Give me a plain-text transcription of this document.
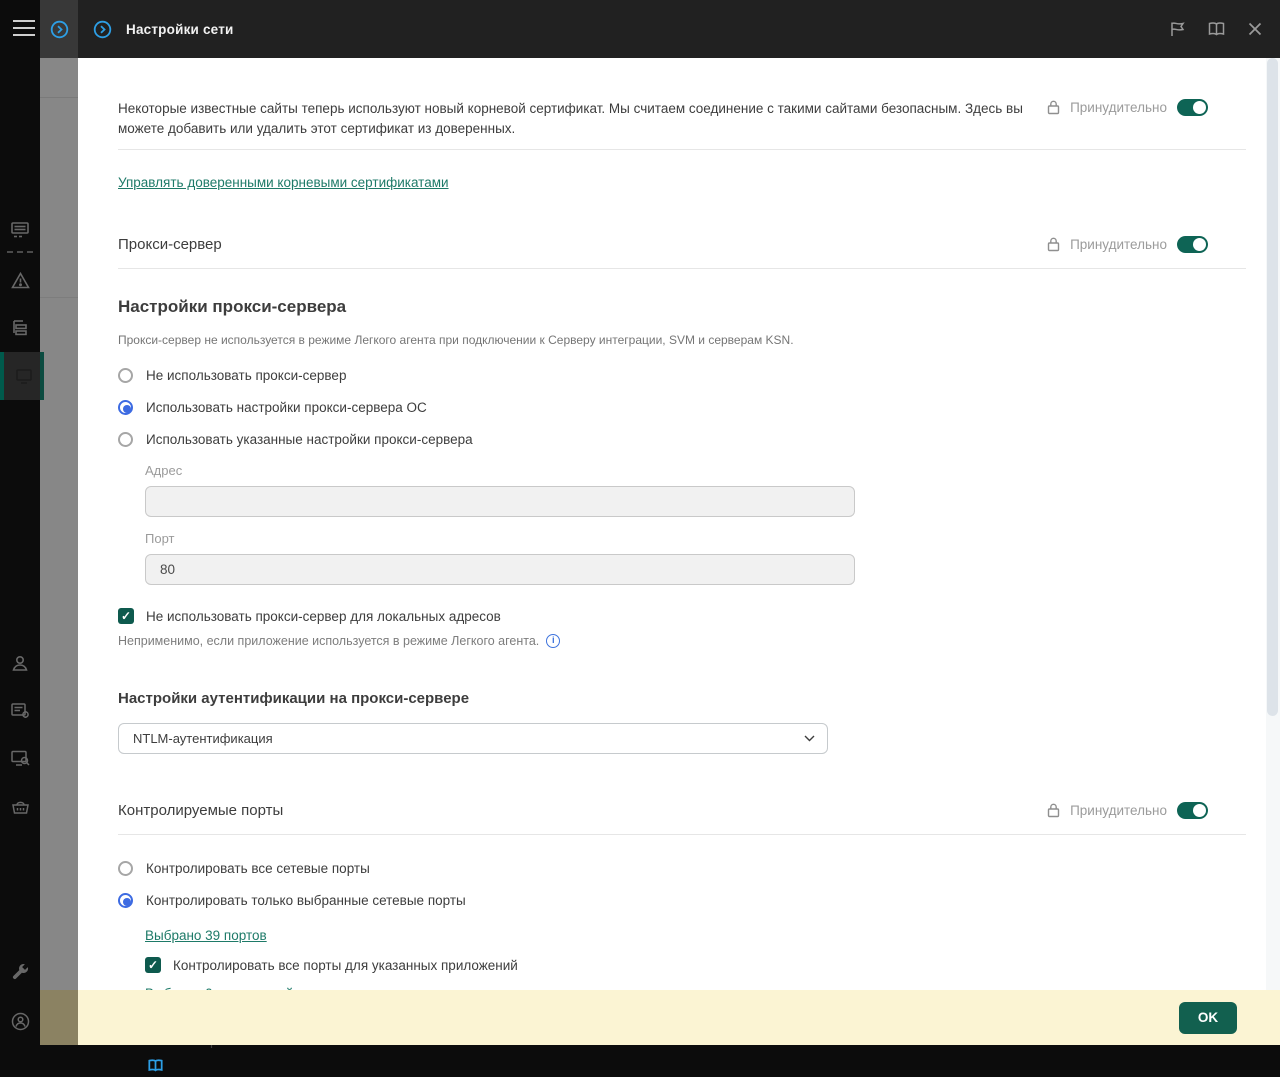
Настройки сети

Некоторые известные сайты теперь используют новый корневой сертификат. Мы считаем соединение с такими сайтами безопасным. Здесь вы можете добавить или удалить этот сертификат из доверенных.

Принудительно
Управлять доверенными корневыми сертификатами
Прокси-сервер	Принудительно
Настройки прокси-сервера

Прокси-сервер не используется в режиме Легкого агента при подключении к Серверу интеграции, SVM и серверам KSN.

Не использовать прокси-сервер
Использовать настройки прокси-сервера ОС
Использовать указанные настройки прокси-сервера
Адрес
Порт
80
✓ Не использовать прокси-сервер для локальных адресов
Неприменимо, если приложение используется в режиме Легкого агента.	i
Настройки аутентификации на прокси-сервере
NTLM-аутентификация
Контролируемые порты	Принудительно
Контролировать все сетевые порты
Контролировать только выбранные сетевые порты
Выбрано 39 портов
✓ Контролировать все порты для указанных приложений
OK
